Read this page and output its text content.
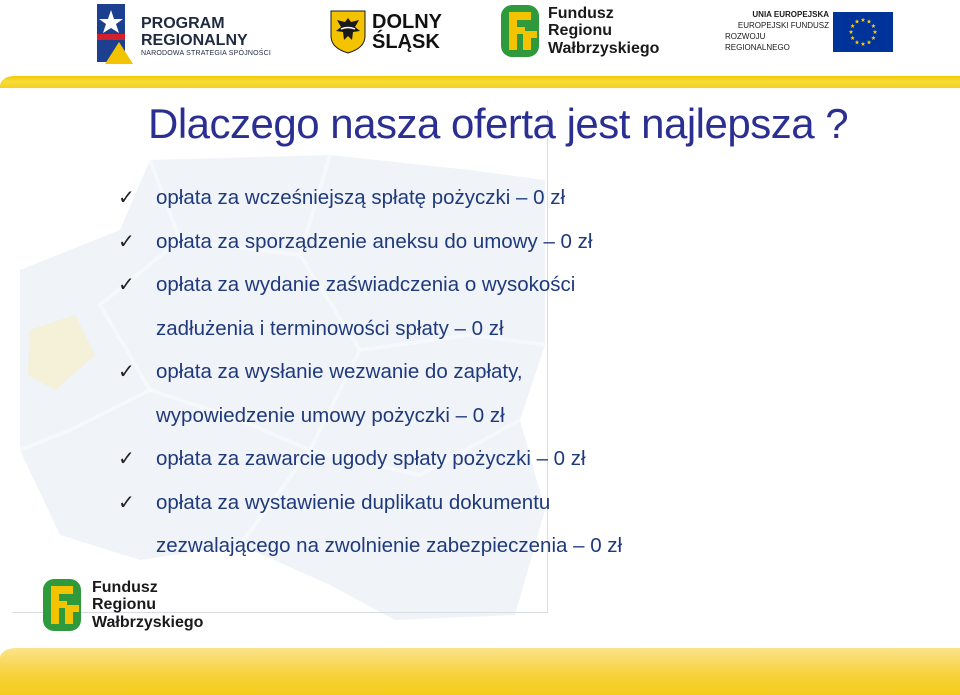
PROGRAM
REGIONALNY
NARODOWA STRATEGIA SPÓJNOŚCI
DOLNY
ŚLĄSK
Fundusz
Regionu
Wałbrzyskiego
UNIA EUROPEJSKA
EUROPEJSKI FUNDUSZ
ROZWOJU REGIONALNEGO
Dlaczego nasza oferta jest najlepsza ?
✓ opłata za wcześniejszą spłatę pożyczki – 0 zł
✓ opłata za sporządzenie aneksu do umowy – 0 zł
✓ opłata za wydanie zaświadczenia o wysokości
zadłużenia i terminowości spłaty – 0 zł
✓ opłata za wysłanie wezwanie do zapłaty,
wypowiedzenie umowy pożyczki – 0 zł
✓ opłata za zawarcie ugody spłaty pożyczki – 0 zł
✓ opłata za wystawienie duplikatu dokumentu
zezwalającego na zwolnienie zabezpieczenia – 0 zł
Fundusz
Regionu
Wałbrzyskiego
